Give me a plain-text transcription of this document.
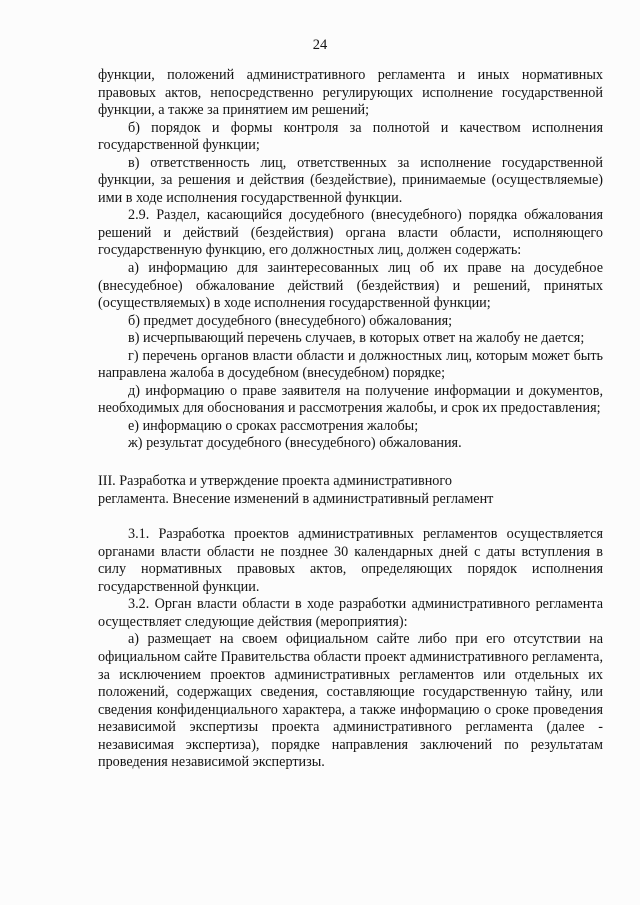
24

функции, положений административного регламента и иных нормативных правовых актов, непосредственно регулирующих исполнение государственной функции, а также за принятием им решений;

б) порядок и формы контроля за полнотой и качеством исполнения государственной функции;

в) ответственность лиц, ответственных за исполнение государственной функции, за решения и действия (бездействие), принимаемые (осуществляемые) ими в ходе исполнения государственной функции.

2.9. Раздел, касающийся досудебного (внесудебного) порядка обжалования решений и действий (бездействия) органа власти области, исполняющего государственную функцию, его должностных лиц, должен содержать:

а) информацию для заинтересованных лиц об их праве на досудебное (внесудебное) обжалование действий (бездействия) и решений, принятых (осуществляемых) в ходе исполнения государственной функции;

б) предмет досудебного (внесудебного) обжалования;

в) исчерпывающий перечень случаев, в которых ответ на жалобу не дается;

г) перечень органов власти области и должностных лиц, которым может быть направлена жалоба в досудебном (внесудебном) порядке;

д) информацию о праве заявителя на получение информации и документов, необходимых для обоснования и рассмотрения жалобы, и срок их предоставления;

е) информацию о сроках рассмотрения жалобы;

ж) результат досудебного (внесудебного) обжалования.

III. Разработка и утверждение проекта административного

регламента. Внесение изменений в административный регламент

3.1. Разработка проектов административных регламентов осуществляется органами власти области не позднее 30 календарных дней с даты вступления в силу нормативных правовых актов, определяющих порядок исполнения государственной функции.

3.2. Орган власти области в ходе разработки административного регламента осуществляет следующие действия (мероприятия):

а) размещает на своем официальном сайте либо при его отсутствии на официальном сайте Правительства области проект административного регламента, за исключением проектов административных регламентов или отдельных их положений, содержащих сведения, составляющие государственную тайну, или сведения конфиденциального характера, а также информацию о сроке проведения независимой экспертизы проекта административного регламента (далее - независимая экспертиза), порядке направления заключений по результатам проведения независимой экспертизы.
